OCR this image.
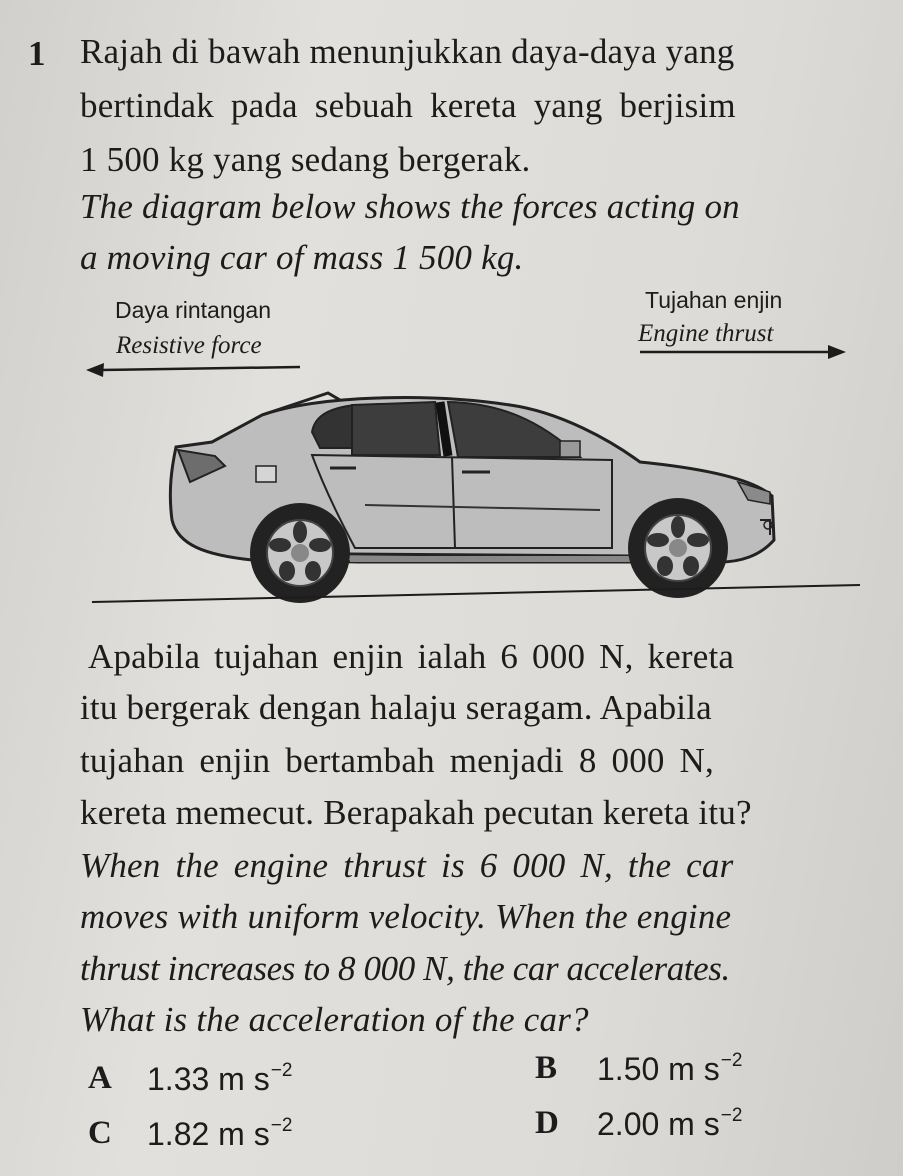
1 Rajah di bawah menunjukkan daya-daya yang
bertindak pada sebuah kereta yang berjisim
1 500 kg yang sedang bergerak.
The diagram below shows the forces acting on
a moving car of mass 1 500 kg.
Daya rintangan
Resistive force
Tujahan enjin
Engine thrust
Apabila tujahan enjin ialah 6 000 N, kereta
itu bergerak dengan halaju seragam. Apabila
tujahan enjin bertambah menjadi 8 000 N,
kereta memecut. Berapakah pecutan kereta itu?
When the engine thrust is 6 000 N, the car
moves with uniform velocity. When the engine
thrust increases to 8 000 N, the car accelerates.
What is the acceleration of the car?
A 1.33 m $s^{-2}$	B 1.50 m $s^{-2}$
C 1.82 m $s^{-2}$	D 2.00 m $s^{-2}$
